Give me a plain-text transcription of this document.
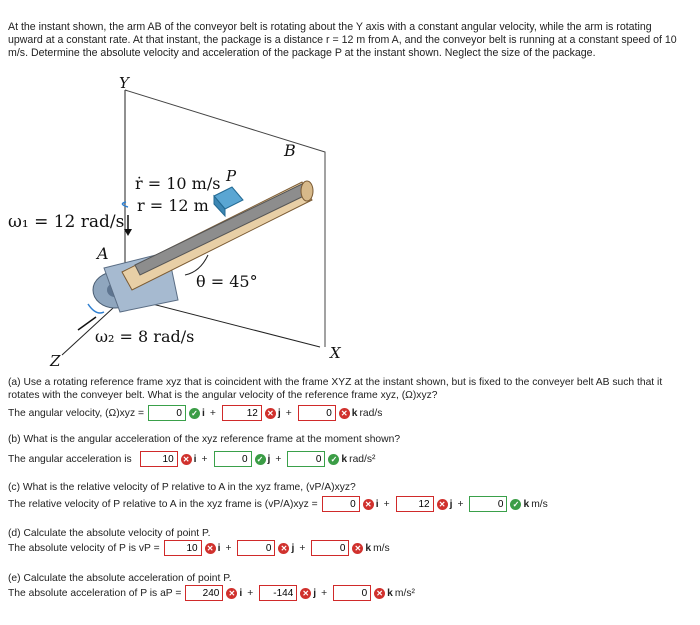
At the instant shown, the arm AB of the conveyor belt is rotating about the Y axis with a constant angular velocity, while the arm is rotating upward at a constant rate. At that instant, the package is a distance r = 12 m from A, and the conveyor belt is running at a constant speed of 10 m/s. Determine the absolute velocity and acceleration of the package P at the instant shown. Neglect the size of the package.
Y
B
P
A
X
Z
ṙ = 10 m/s
r = 12 m
ω₁ = 12 rad/s
ω₂ = 8 rad/s
θ = 45°
(a) Use a rotating reference frame xyz that is coincident with the frame XYZ at the instant shown, but is fixed to the conveyer belt AB such that it rotates with the conveyer belt. What is the angular velocity of the reference frame xyz, (Ω)xyz?
The angular velocity, (Ω)xyz =
0	✓ i +
12	✕ j +
0	✕ k rad/s
(b) What is the angular acceleration of the xyz reference frame at the moment shown?
The angular acceleration is
10	✕ i +
0	✓ j +
0	✓ k rad/s²
(c) What is the relative velocity of P relative to A in the xyz frame, (vP/A)xyz?
The relative velocity of P relative to A in the xyz frame is (vP/A)xyz =
0	✕ i +
12	✕ j +
0	✓ k m/s
(d) Calculate the absolute velocity of point P.
The absolute velocity of P is vP =
10	✕ i +
0	✕ j +
0	✕ k m/s
(e) Calculate the absolute acceleration of point P.
The absolute acceleration of P is aP =
240	✕ i +
-144	✕ j +
0	✕ k m/s²
